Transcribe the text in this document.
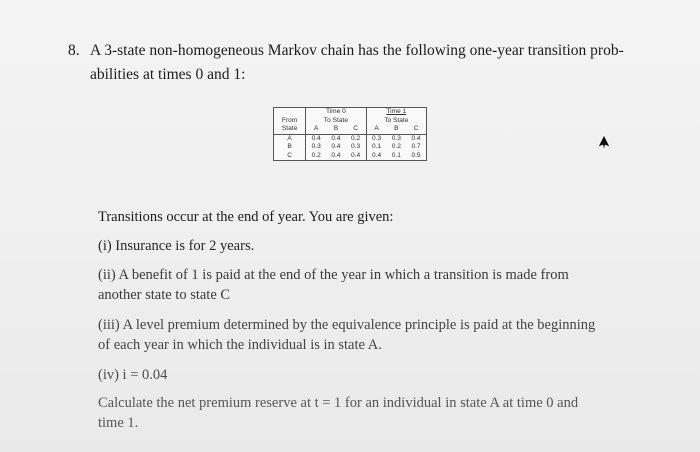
8. A 3-state non-homogeneous Markov chain has the following one-year transition prob-
abilities at times 0 and 1:
	Time 0			Time 1		
From	To State			To State		
State	A	B	C	A	B	C
A	0.4	0.4	0.2	0.3	0.3	0.4
B	0.3	0.4	0.3	0.1	0.2	0.7
C	0.2	0.4	0.4	0.4	0.1	0.5

Transitions occur at the end of year. You are given:

(i) Insurance is for 2 years.

(ii) A benefit of 1 is paid at the end of the year in which a transition is made from
another state to state C

(iii) A level premium determined by the equivalence principle is paid at the beginning
of each year in which the individual is in state A.

(iv) i = 0.04

Calculate the net premium reserve at t = 1 for an individual in state A at time 0 and
time 1.
